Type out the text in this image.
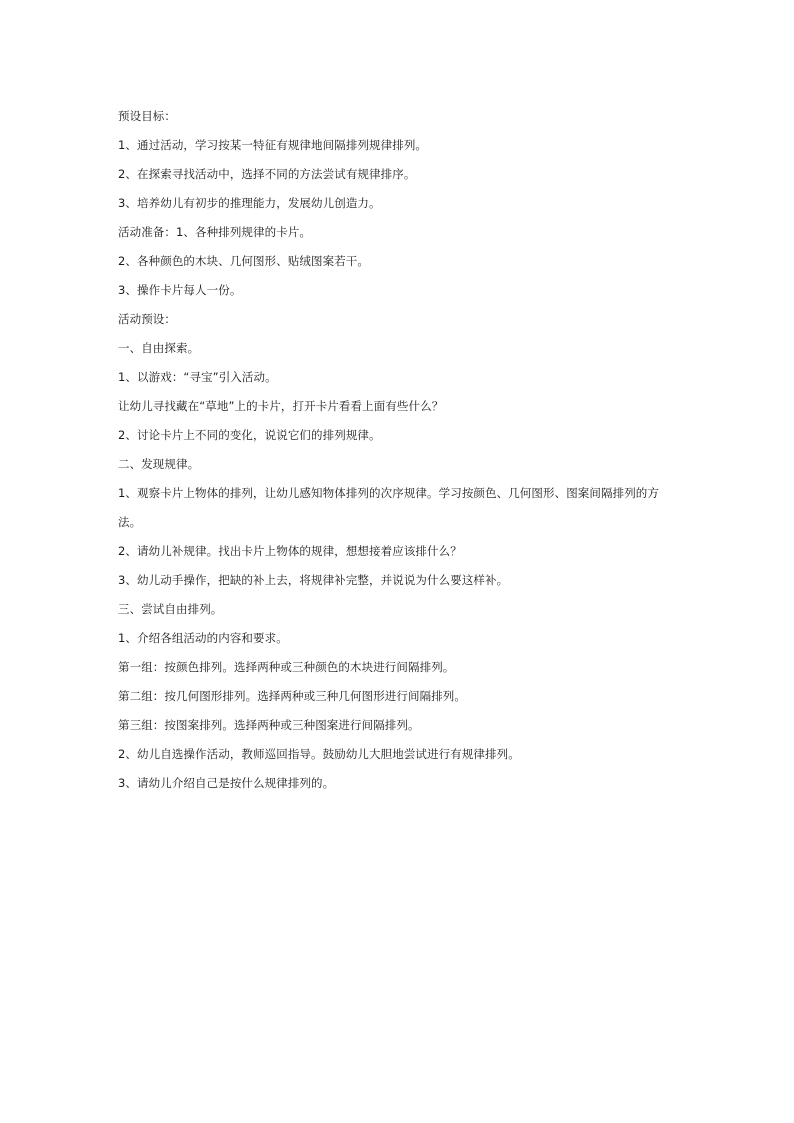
预设目标：
1、通过活动，学习按某一特征有规律地间隔排列规律排列。
2、在探索寻找活动中，选择不同的方法尝试有规律排序。
3、培养幼儿有初步的推理能力，发展幼儿创造力。
活动准备：1、各种排列规律的卡片。
2、各种颜色的木块、几何图形、贴绒图案若干。
3、操作卡片每人一份。
活动预设：
一、自由探索。
1、以游戏：“寻宝”引入活动。
让幼儿寻找藏在“草地”上的卡片，打开卡片看看上面有些什么？
2、讨论卡片上不同的变化，说说它们的排列规律。
二、发现规律。
1、观察卡片上物体的排列，让幼儿感知物体排列的次序规律。学习按颜色、几何图形、图案间隔排列的方
法。
2、请幼儿补规律。找出卡片上物体的规律，想想接着应该排什么？
3、幼儿动手操作，把缺的补上去，将规律补完整，并说说为什么要这样补。
三、尝试自由排列。
1、介绍各组活动的内容和要求。
第一组：按颜色排列。选择两种或三种颜色的木块进行间隔排列。
第二组：按几何图形排列。选择两种或三种几何图形进行间隔排列。
第三组：按图案排列。选择两种或三种图案进行间隔排列。
2、幼儿自选操作活动，教师巡回指导。鼓励幼儿大胆地尝试进行有规律排列。
3、请幼儿介绍自己是按什么规律排列的。
